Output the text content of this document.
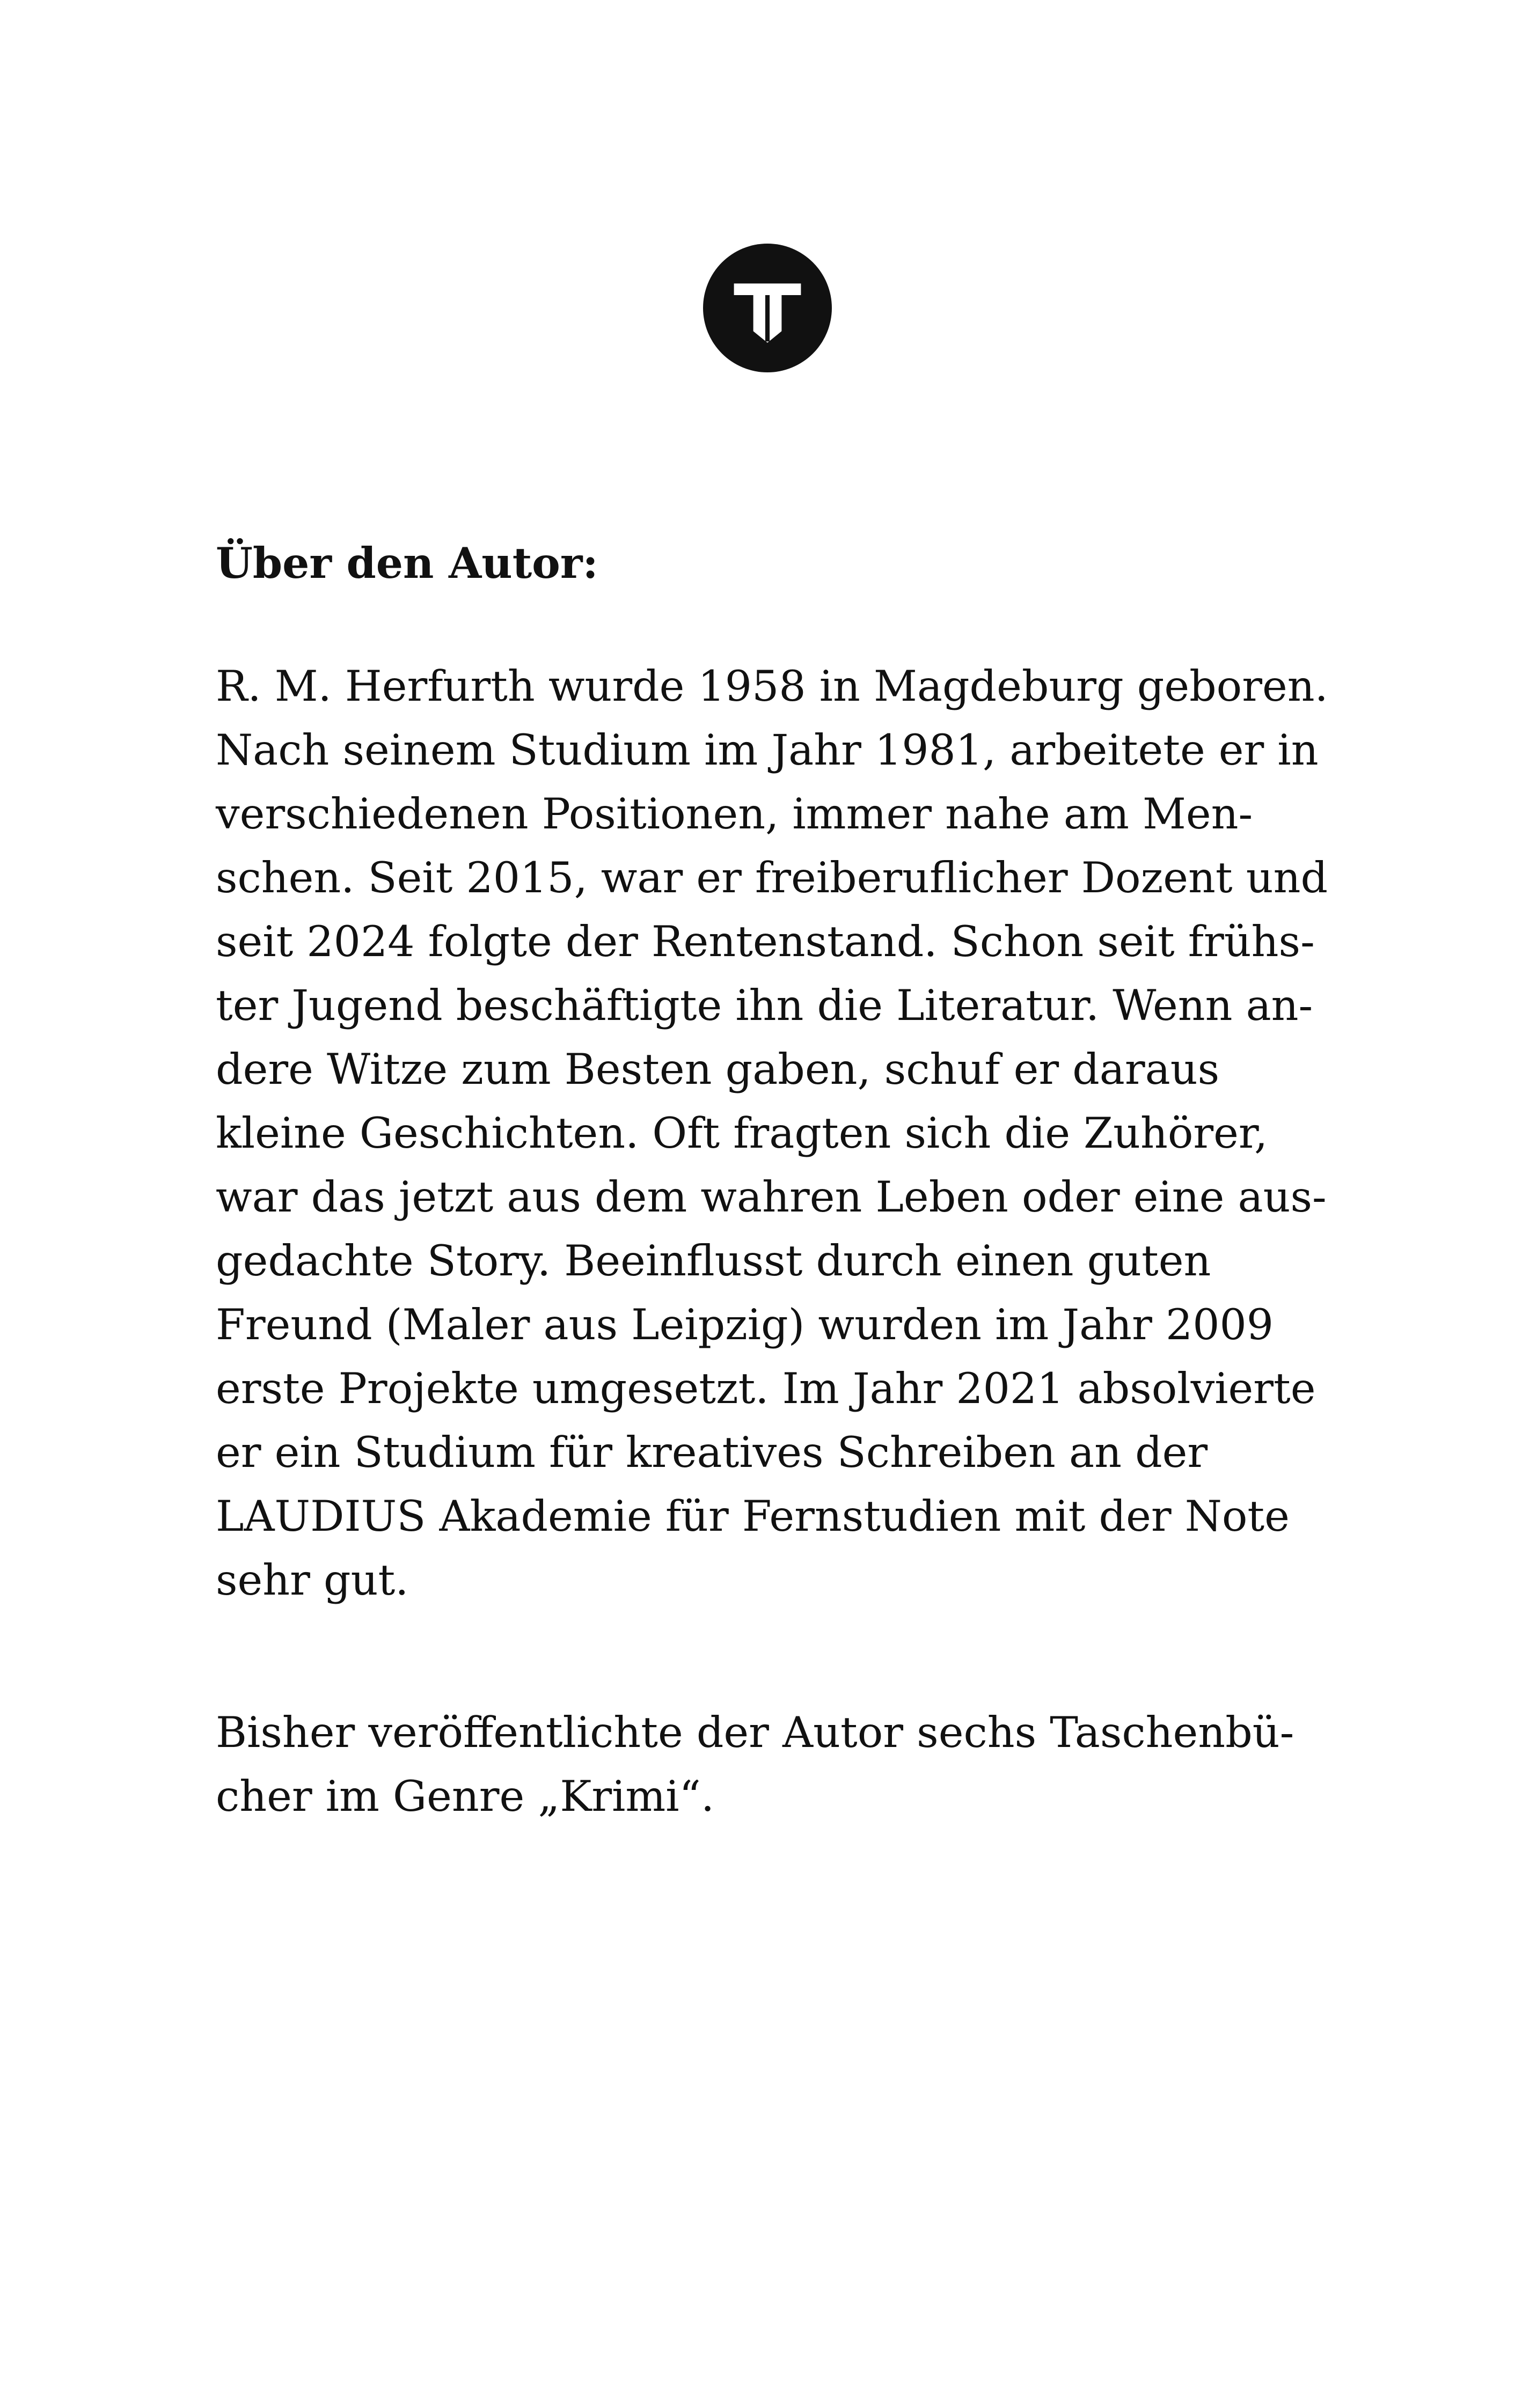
Über den Autor:

R. M. Herfurth wurde 1958 in Magdeburg geboren.
Nach seinem Studium im Jahr 1981, arbeitete er in
verschiedenen Positionen, immer nahe am Men-
schen. Seit 2015, war er freiberuflicher Dozent und
seit 2024 folgte der Rentenstand. Schon seit frühs-
ter Jugend beschäftigte ihn die Literatur. Wenn an-
dere Witze zum Besten gaben, schuf er daraus
kleine Geschichten. Oft fragten sich die Zuhörer,
war das jetzt aus dem wahren Leben oder eine aus-
gedachte Story. Beeinflusst durch einen guten
Freund (Maler aus Leipzig) wurden im Jahr 2009
erste Projekte umgesetzt. Im Jahr 2021 absolvierte
er ein Studium für kreatives Schreiben an der
LAUDIUS Akademie für Fernstudien mit der Note
sehr gut.

Bisher veröffentlichte der Autor sechs Taschenbü-
cher im Genre „Krimi“.
